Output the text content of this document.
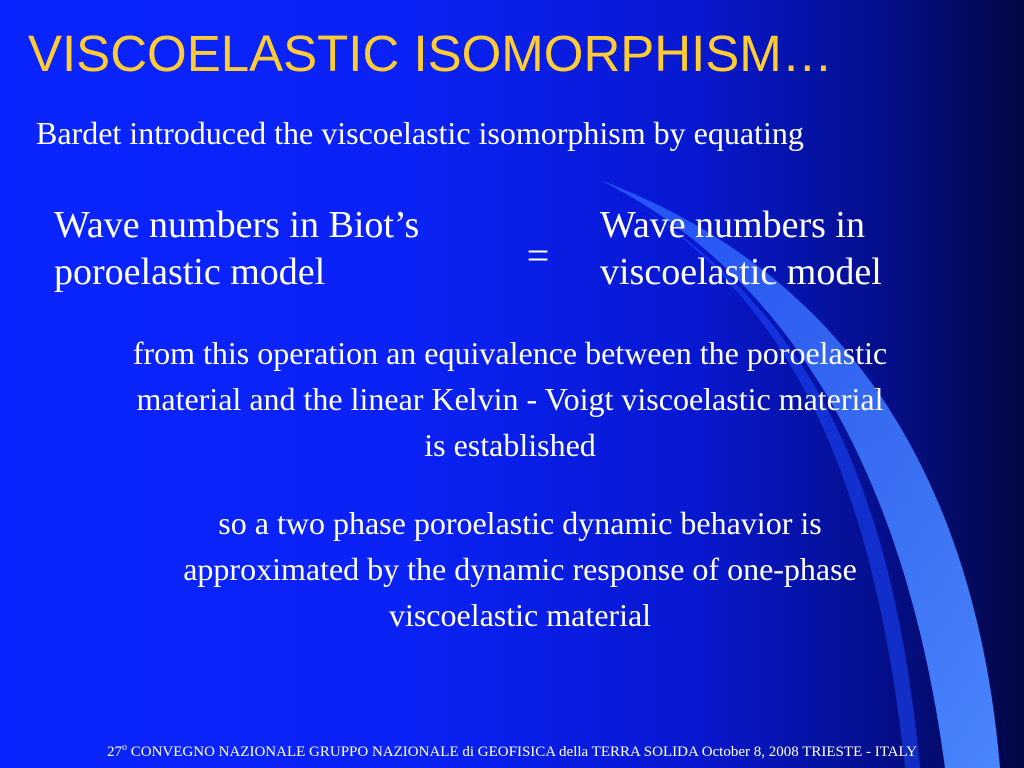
VISCOELASTIC ISOMORPHISM…

Bardet introduced the viscoelastic isomorphism by equating

Wave numbers in Biot’s
poroelastic model	=

Wave numbers in
viscoelastic model

from this operation an equivalence between the poroelastic
material and the linear Kelvin - Voigt viscoelastic material
is established

so a two phase poroelastic dynamic behavior is
approximated by the dynamic response of one-phase
viscoelastic material

27$^o$ CONVEGNO NAZIONALE GRUPPO NAZIONALE di GEOFISICA della TERRA SOLIDA October 8, 2008 TRIESTE - ITALY
